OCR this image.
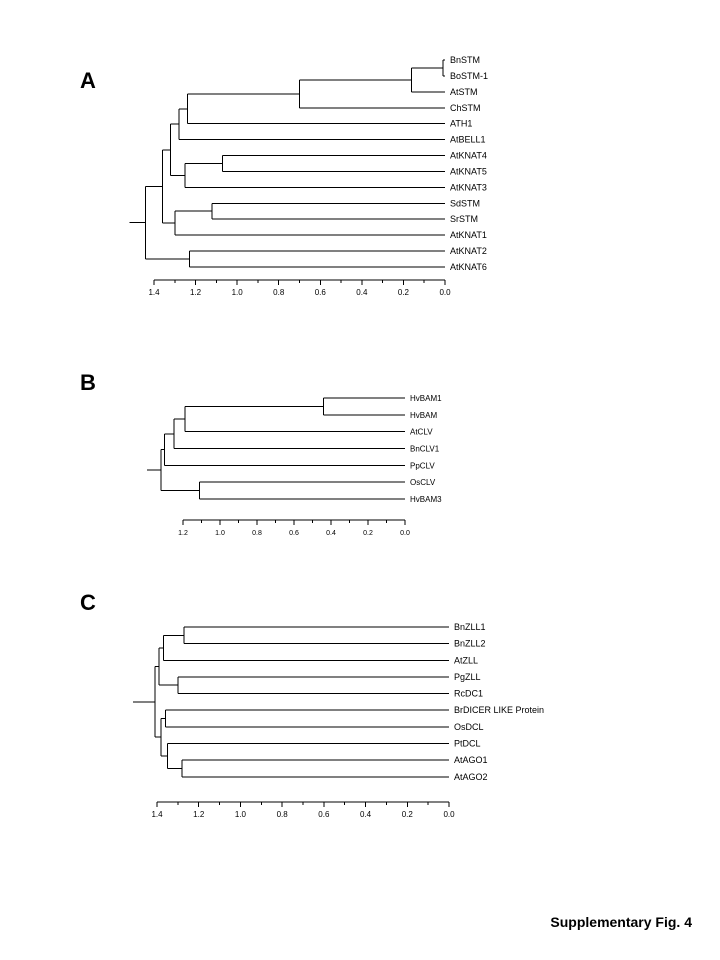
A
B
C
BnSTM
BoSTM-1
AtSTM
ChSTM
ATH1
AtBELL1
AtKNAT4
AtKNAT5
AtKNAT3
SdSTM
SrSTM
AtKNAT1
AtKNAT2
AtKNAT6
1.4	1.2	1.0	0.8	0.6	0.4	0.2	0.0
HvBAM1
HvBAM
AtCLV
BnCLV1
PpCLV
OsCLV
HvBAM3
1.2	1.0	0.8	0.6	0.4	0.2	0.0
BnZLL1
BnZLL2
AtZLL
PgZLL
RcDC1
BrDICER LIKE Protein
OsDCL
PtDCL
AtAGO1
AtAGO2
1.4	1.2	1.0	0.8	0.6	0.4	0.2	0.0
Supplementary Fig. 4
